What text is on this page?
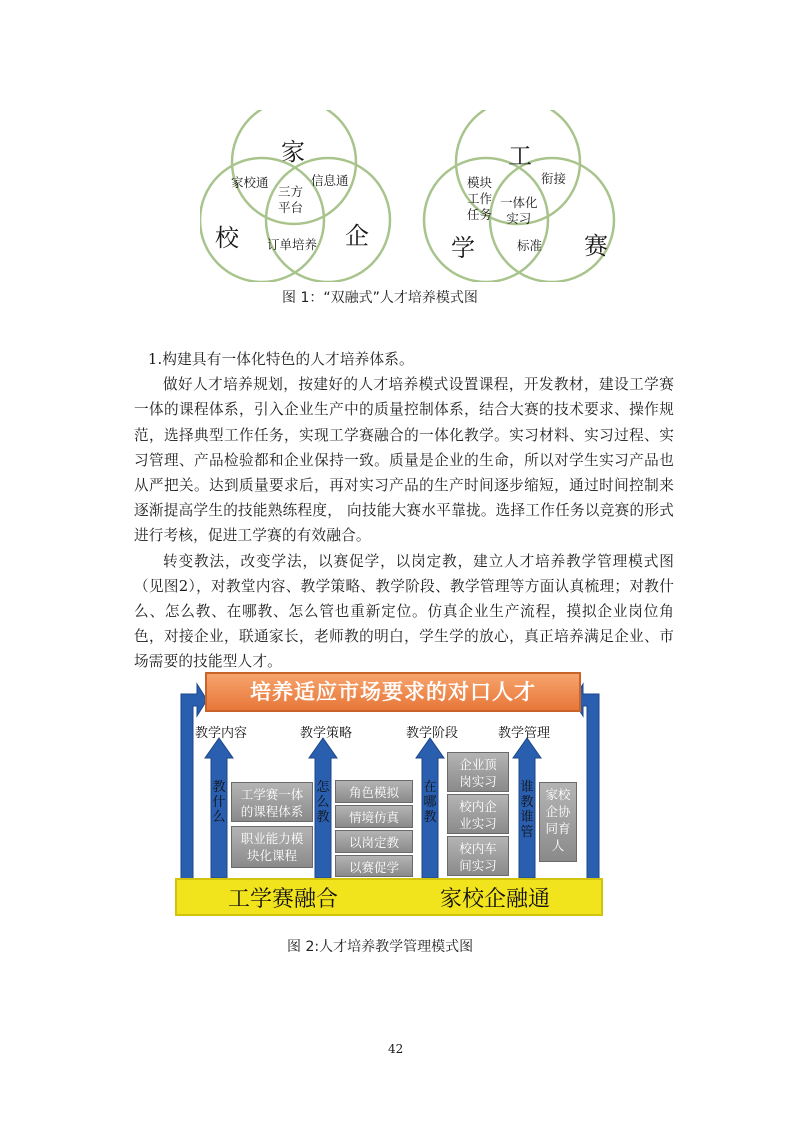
家
校	企
家校通	信息通
订单培养
三方
平台
工
学	赛
模块
工作
任务
衔接
标准
一体化
实习
图 1：“双融式”人才培养模式图

1.构建具有一体化特色的人才培养体系。

做好人才培养规划，按建好的人才培养模式设置课程，开发教材，建设工学赛一体的课程体系，引入企业生产中的质量控制体系，结合大赛的技术要求、操作规范，选择典型工作任务，实现工学赛融合的一体化教学。实习材料、实习过程、实习管理、产品检验都和企业保持一致。质量是企业的生命，所以对学生实习产品也从严把关。达到质量要求后，再对实习产品的生产时间逐步缩短，通过时间控制来逐渐提高学生的技能熟练程度， 向技能大赛水平靠拢。选择工作任务以竞赛的形式进行考核，促进工学赛的有效融合。

转变教法，改变学法，以赛促学，以岗定教，建立人才培养教学管理模式图（见图2），对教堂内容、教学策略、教学阶段、教学管理等方面认真梳理；对教什么、怎么教、在哪教、怎么管也重新定位。仿真企业生产流程，摸拟企业岗位角色，对接企业，联通家长，老师教的明白，学生学的放心，真正培养满足企业、市场需要的技能型人才。

培养适应市场要求的对口人才
教学内容	教学策略	教学阶段	教学管理
教
什
么
怎
么
教
在
哪
教
谁
教
谁
管
工学赛一体
的课程体系
职业能力模
块化课程
角色模拟
情境仿真
以岗定教
以赛促学
企业顶
岗实习
校内企
业实习
校内车
间实习
家校
企协
同育
人
工学赛融合	家校企融通
图 2:人才培养教学管理模式图
42
